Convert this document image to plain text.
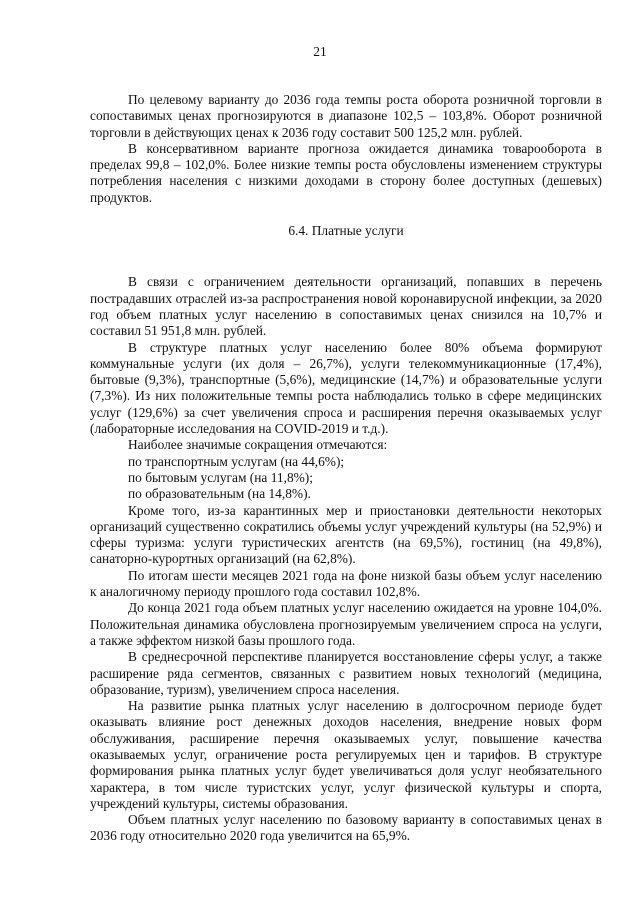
21

По целевому варианту до 2036 года темпы роста оборота розничной торговли в сопоставимых ценах прогнозируются в диапазоне 102,5 – 103,8%. Оборот розничной торговли в действующих ценах к 2036 году составит 500 125,2 млн. рублей.

В консервативном варианте прогноза ожидается динамика товарооборота в пределах 99,8 – 102,0%. Более низкие темпы роста обусловлены изменением структуры потребления населения с низкими доходами в сторону более доступных (дешевых) продуктов.

6.4. Платные услуги

В связи с ограничением деятельности организаций, попавших в перечень пострадавших отраслей из-за распространения новой коронавирусной инфекции, за 2020 год объем платных услуг населению в сопоставимых ценах снизился на 10,7% и составил 51 951,8 млн. рублей.

В структуре платных услуг населению более 80% объема формируют коммунальные услуги (их доля – 26,7%), услуги телекоммуникационные (17,4%), бытовые (9,3%), транспортные (5,6%), медицинские (14,7%) и образовательные услуги (7,3%). Из них положительные темпы роста наблюдались только в сфере медицинских услуг (129,6%) за счет увеличения спроса и расширения перечня оказываемых услуг (лабораторные исследования на COVID-2019 и т.д.).

Наиболее значимые сокращения отмечаются:

по транспортным услугам (на 44,6%);

по бытовым услугам (на 11,8%);

по образовательным (на 14,8%).

Кроме того, из-за карантинных мер и приостановки деятельности некоторых организаций существенно сократились объемы услуг учреждений культуры (на 52,9%) и сферы туризма: услуги туристических агентств (на 69,5%), гостиниц (на 49,8%), санаторно-курортных организаций (на 62,8%).

По итогам шести месяцев 2021 года на фоне низкой базы объем услуг населению к аналогичному периоду прошлого года составил 102,8%.

До конца 2021 года объем платных услуг населению ожидается на уровне 104,0%. Положительная динамика обусловлена прогнозируемым увеличением спроса на услуги, а также эффектом низкой базы прошлого года.

В среднесрочной перспективе планируется восстановление сферы услуг, а также расширение ряда сегментов, связанных с развитием новых технологий (медицина, образование, туризм), увеличением спроса населения.

На развитие рынка платных услуг населению в долгосрочном периоде будет оказывать влияние рост денежных доходов населения, внедрение новых форм обслуживания, расширение перечня оказываемых услуг, повышение качества оказываемых услуг, ограничение роста регулируемых цен и тарифов. В структуре формирования рынка платных услуг будет увеличиваться доля услуг необязательного характера, в том числе туристских услуг, услуг физической культуры и спорта, учреждений культуры, системы образования.

Объем платных услуг населению по базовому варианту в сопоставимых ценах в 2036 году относительно 2020 года увеличится на 65,9%.
